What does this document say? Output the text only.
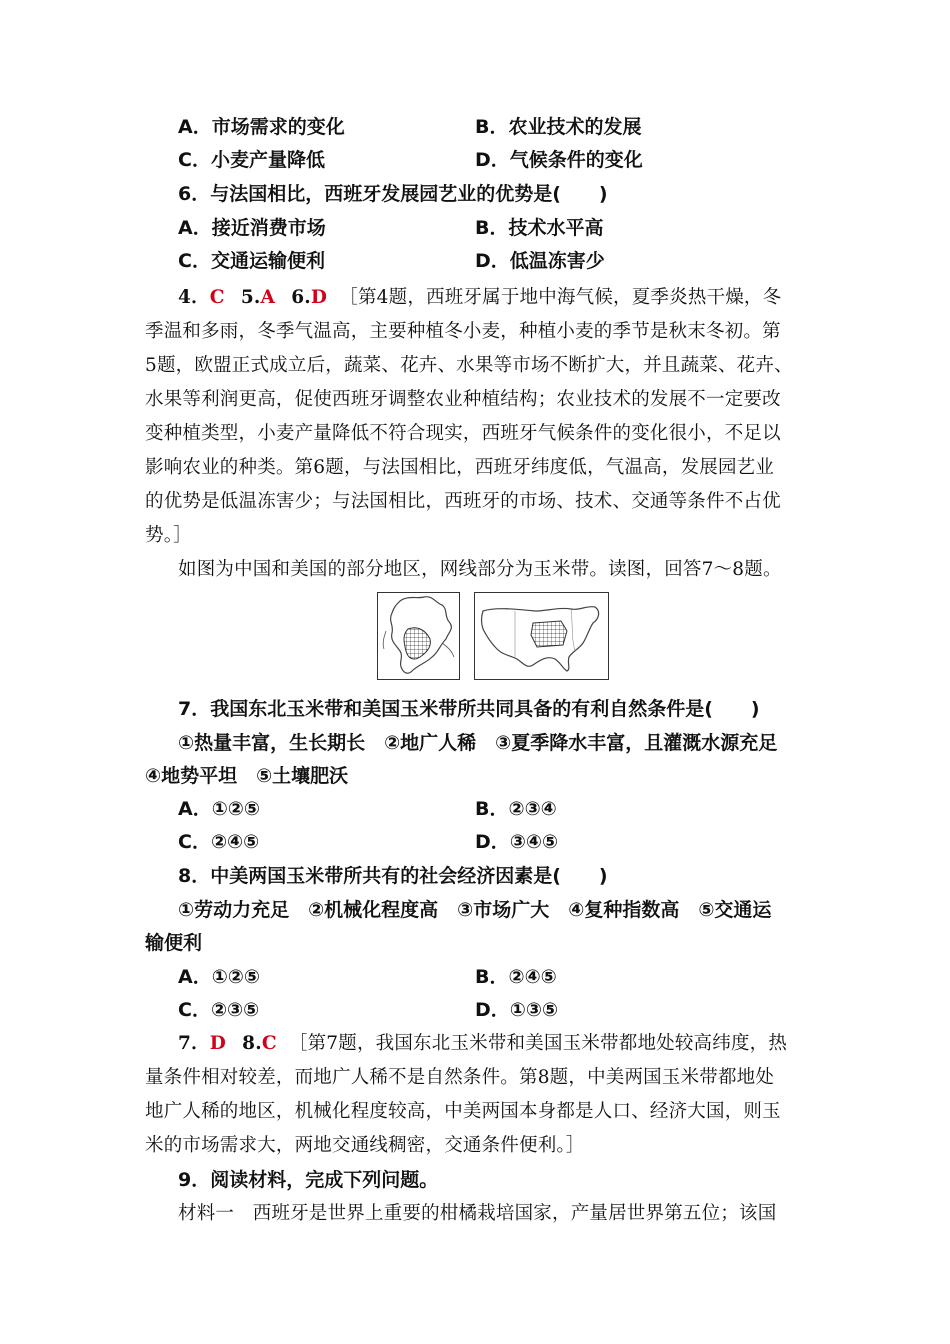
A．市场需求的变化	B．农业技术的发展
C．小麦产量降低	D．气候条件的变化
6．与法国相比，西班牙发展园艺业的优势是(　　)
A．接近消费市场	B．技术水平高
C．交通运输便利	D．低温冻害少
4．C 5.A 6.D ［第4题，西班牙属于地中海气候，夏季炎热干燥，冬
季温和多雨，冬季气温高，主要种植冬小麦，种植小麦的季节是秋末冬初。第
5题，欧盟正式成立后，蔬菜、花卉、水果等市场不断扩大，并且蔬菜、花卉、
水果等利润更高，促使西班牙调整农业种植结构；农业技术的发展不一定要改
变种植类型，小麦产量降低不符合现实，西班牙气候条件的变化很小，不足以
影响农业的种类。第6题，与法国相比，西班牙纬度低，气温高，发展园艺业
的优势是低温冻害少；与法国相比，西班牙的市场、技术、交通等条件不占优
势。］
如图为中国和美国的部分地区，网线部分为玉米带。读图，回答7～8题。
7．我国东北玉米带和美国玉米带所共同具备的有利自然条件是(　　)
①热量丰富，生长期长　②地广人稀　③夏季降水丰富，且灌溉水源充足
④地势平坦　⑤土壤肥沃
A．①②⑤	B．②③④
C．②④⑤	D．③④⑤
8．中美两国玉米带所共有的社会经济因素是(　　)
①劳动力充足　②机械化程度高　③市场广大　④复种指数高　⑤交通运
输便利
A．①②⑤	B．②④⑤
C．②③⑤	D．①③⑤
7．D 8.C ［第7题，我国东北玉米带和美国玉米带都地处较高纬度，热
量条件相对较差，而地广人稀不是自然条件。第8题，中美两国玉米带都地处
地广人稀的地区，机械化程度较高，中美两国本身都是人口、经济大国，则玉
米的市场需求大，两地交通线稠密，交通条件便利。］
9．阅读材料，完成下列问题。
材料一　西班牙是世界上重要的柑橘栽培国家，产量居世界第五位；该国
